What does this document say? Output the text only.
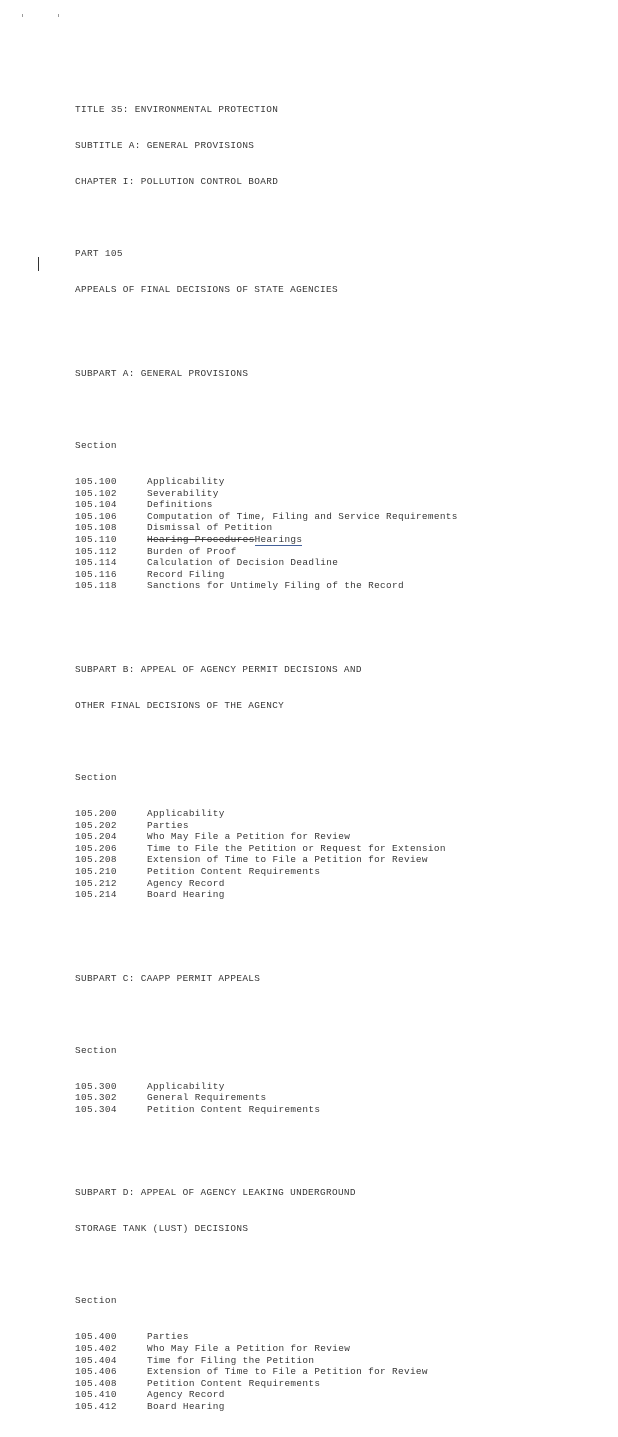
TITLE 35: ENVIRONMENTAL PROTECTION

SUBTITLE A: GENERAL PROVISIONS

CHAPTER I: POLLUTION CONTROL BOARD

PART 105

APPEALS OF FINAL DECISIONS OF STATE AGENCIES

SUBPART A: GENERAL PROVISIONS

Section

105.100	Applicability
105.102	Severability
105.104	Definitions
105.106	Computation of Time, Filing and Service Requirements
105.108	Dismissal of Petition
105.110	Hearing ProceduresHearings
105.112	Burden of Proof
105.114	Calculation of Decision Deadline
105.116	Record Filing
105.118	Sanctions for Untimely Filing of the Record

SUBPART B: APPEAL OF AGENCY PERMIT DECISIONS AND

OTHER FINAL DECISIONS OF THE AGENCY

Section

105.200	Applicability
105.202	Parties
105.204	Who May File a Petition for Review
105.206	Time to File the Petition or Request for Extension
105.208	Extension of Time to File a Petition for Review
105.210	Petition Content Requirements
105.212	Agency Record
105.214	Board Hearing

SUBPART C: CAAPP PERMIT APPEALS

Section

105.300	Applicability
105.302	General Requirements
105.304	Petition Content Requirements

SUBPART D: APPEAL OF AGENCY LEAKING UNDERGROUND

STORAGE TANK (LUST) DECISIONS

Section

105.400	Parties
105.402	Who May File a Petition for Review
105.404	Time for Filing the Petition
105.406	Extension of Time to File a Petition for Review
105.408	Petition Content Requirements
105.410	Agency Record
105.412	Board Hearing
